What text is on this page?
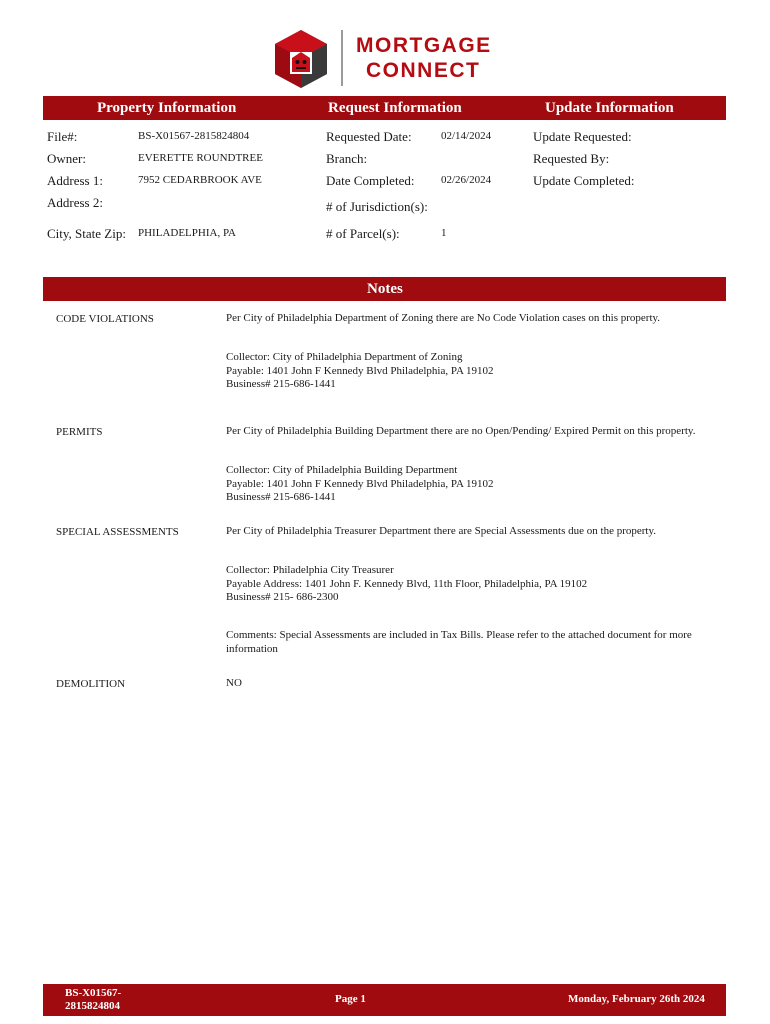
MORTGAGE
CONNECT
Property Information	Request Information	Update Information
File#:	BS-X01567-2815824804
Owner:	EVERETTE ROUNDTREE
Address 1:	7952 CEDARBROOK AVE
Address 2:
City, State Zip: PHILADELPHIA, PA
Requested Date:	02/14/2024
Branch:
Date Completed: 02/26/2024
# of Jurisdiction(s):
# of Parcel(s):	1
Update Requested:
Requested By:
Update Completed:
Notes
CODE VIOLATIONS	Per City of Philadelphia Department of Zoning there are No Code Violation cases on this property.
Collector: City of Philadelphia Department of Zoning
Payable: 1401 John F Kennedy Blvd Philadelphia, PA 19102
Business# 215-686-1441
PERMITS	Per City of Philadelphia Building Department there are no Open/Pending/ Expired Permit on this property.
Collector: City of Philadelphia Building Department
Payable: 1401 John F Kennedy Blvd Philadelphia, PA 19102
Business# 215-686-1441
SPECIAL ASSESSMENTS	Per City of Philadelphia Treasurer Department there are Special Assessments due on the property.
Collector: Philadelphia City Treasurer
Payable Address: 1401 John F. Kennedy Blvd, 11th Floor, Philadelphia, PA 19102
Business# 215- 686-2300
Comments: Special Assessments are included in Tax Bills. Please refer to the attached document for more
information
DEMOLITION	NO
BS-X01567-
2815824804
Page 1	Monday, February 26th 2024
